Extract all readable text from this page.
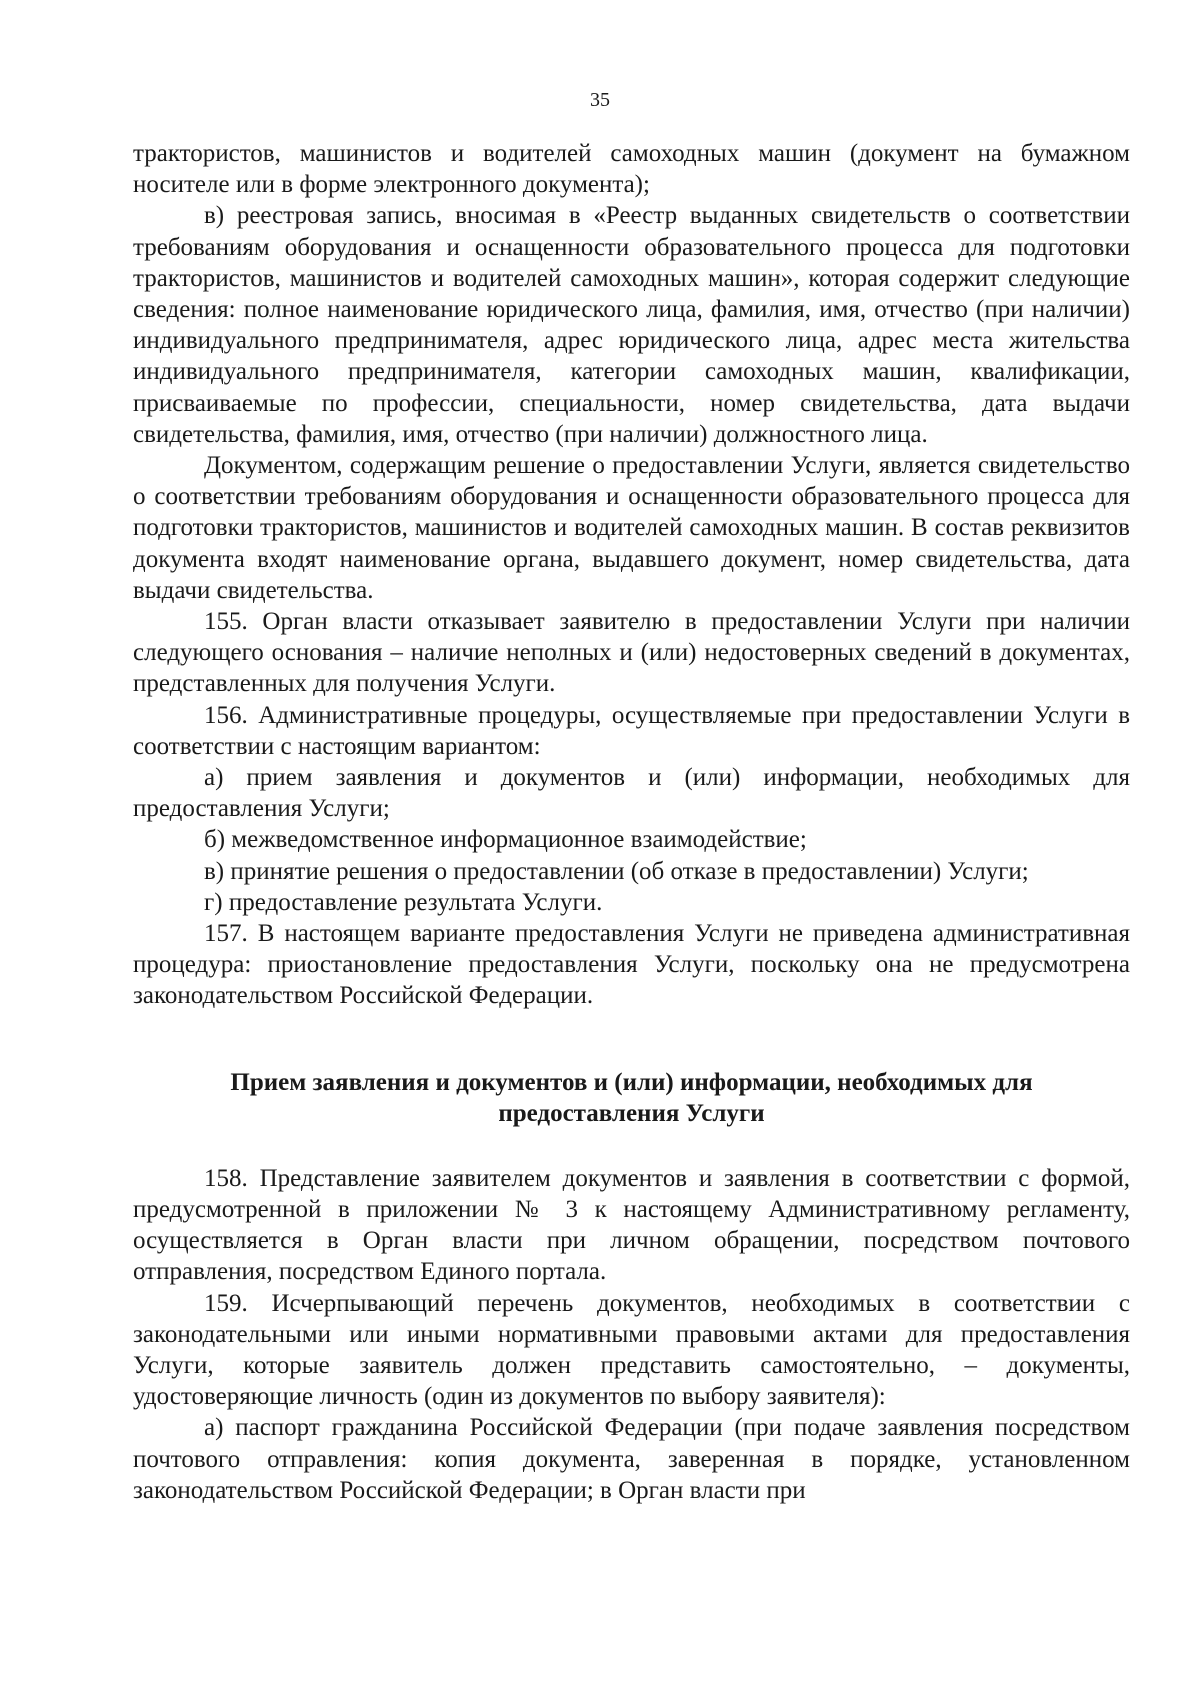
35

трактористов, машинистов и водителей самоходных машин (документ на бумажном носителе или в форме электронного документа);

в) реестровая запись, вносимая в «Реестр выданных свидетельств о соответствии требованиям оборудования и оснащенности образовательного процесса для подготовки трактористов, машинистов и водителей самоходных машин», которая содержит следующие сведения: полное наименование юридического лица, фамилия, имя, отчество (при наличии) индивидуального предпринимателя, адрес юридического лица, адрес места жительства индивидуального предпринимателя, категории самоходных машин, квалификации, присваиваемые по профессии, специальности, номер свидетельства, дата выдачи свидетельства, фамилия, имя, отчество (при наличии) должностного лица.

Документом, содержащим решение о предоставлении Услуги, является свидетельство о соответствии требованиям оборудования и оснащенности образовательного процесса для подготовки трактористов, машинистов и водителей самоходных машин. В состав реквизитов документа входят наименование органа, выдавшего документ, номер свидетельства, дата выдачи свидетельства.

155. Орган власти отказывает заявителю в предоставлении Услуги при наличии следующего основания – наличие неполных и (или) недостоверных сведений в документах, представленных для получения Услуги.

156. Административные процедуры, осуществляемые при предоставлении Услуги в соответствии с настоящим вариантом:

а) прием заявления и документов и (или) информации, необходимых для предоставления Услуги;

б) межведомственное информационное взаимодействие;

в) принятие решения о предоставлении (об отказе в предоставлении) Услуги;

г) предоставление результата Услуги.

157. В настоящем варианте предоставления Услуги не приведена административная процедура: приостановление предоставления Услуги, поскольку она не предусмотрена законодательством Российской Федерации.

Прием заявления и документов и (или) информации, необходимых для
предоставления Услуги

158. Представление заявителем документов и заявления в соответствии с формой, предусмотренной в приложении № 3 к настоящему Административному регламенту, осуществляется в Орган власти при личном обращении, посредством почтового отправления, посредством Единого портала.

159. Исчерпывающий перечень документов, необходимых в соответствии с законодательными или иными нормативными правовыми актами для предоставления Услуги, которые заявитель должен представить самостоятельно, – документы, удостоверяющие личность (один из документов по выбору заявителя):

а) паспорт гражданина Российской Федерации (при подаче заявления посредством почтового отправления: копия документа, заверенная в порядке, установленном законодательством Российской Федерации; в Орган власти при
